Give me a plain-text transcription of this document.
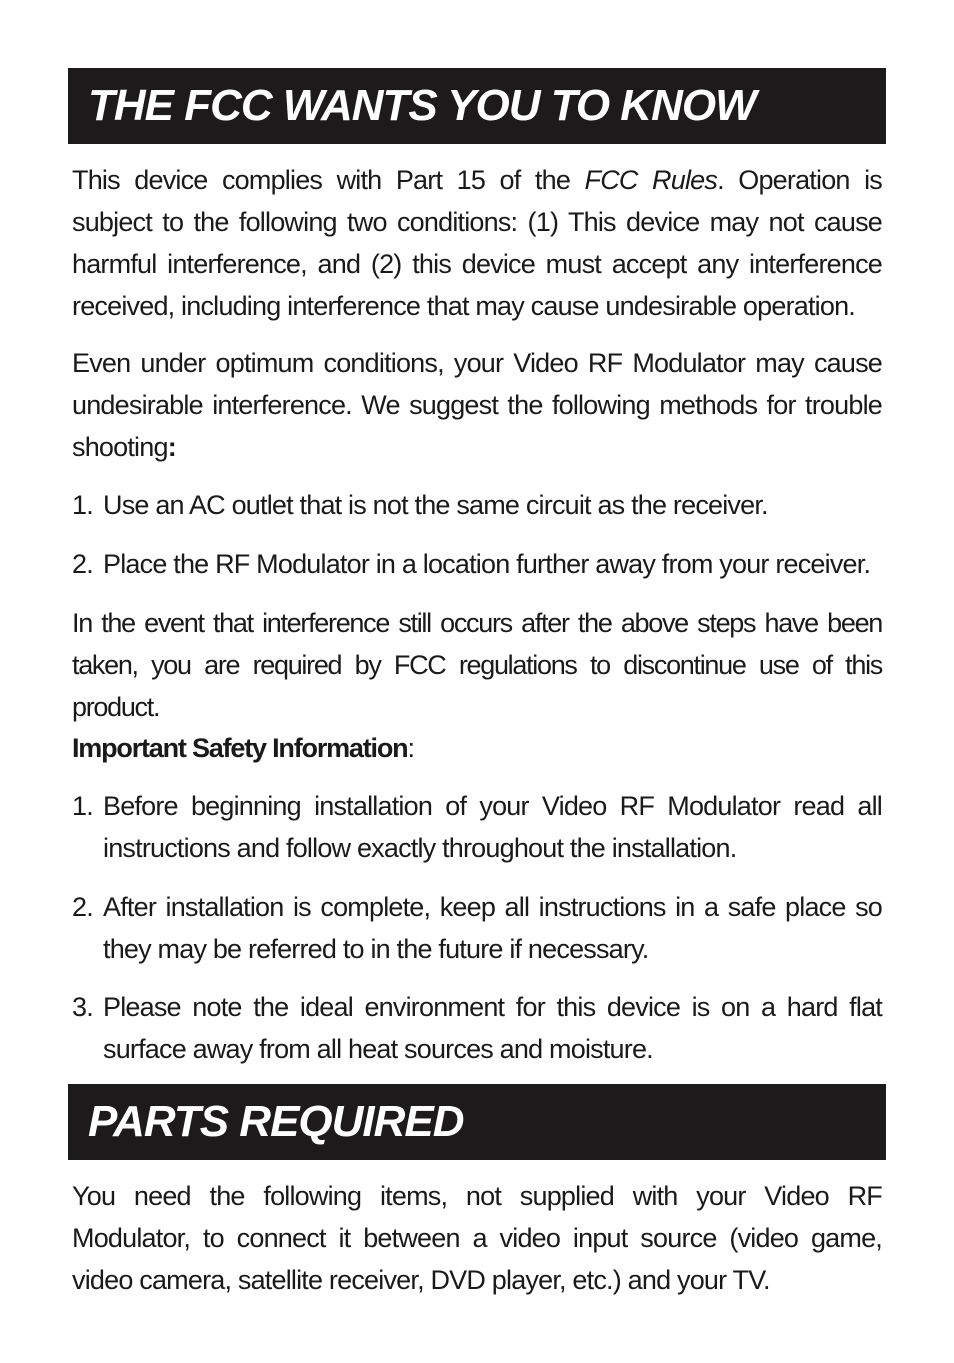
THE FCC WANTS YOU TO KNOW

This device complies with Part 15 of the FCC Rules. Operation is subject to the following two conditions: (1) This device may not cause harmful interference, and (2) this device must accept any interference received, including interference that may cause undesirable operation.

Even under optimum conditions, your Video RF Modulator may cause undesirable interference. We suggest the following methods for trouble shooting:

1. Use an AC outlet that is not the same circuit as the receiver.
2. Place the RF Modulator in a location further away from your receiver.

In the event that interference still occurs after the above steps have been taken, you are required by FCC regulations to discontinue use of this product.

Important Safety Information:

1. Before beginning installation of your Video RF Modulator read all instructions and follow exactly throughout the installation.
2. After installation is complete, keep all instructions in a safe place so they may be referred to in the future if necessary.
3. Please note the ideal environment for this device is on a hard flat surface away from all heat sources and moisture.
PARTS REQUIRED

You need the following items, not supplied with your Video RF Modulator, to connect it between a video input source (video game, video camera, satellite receiver, DVD player, etc.) and your TV.
